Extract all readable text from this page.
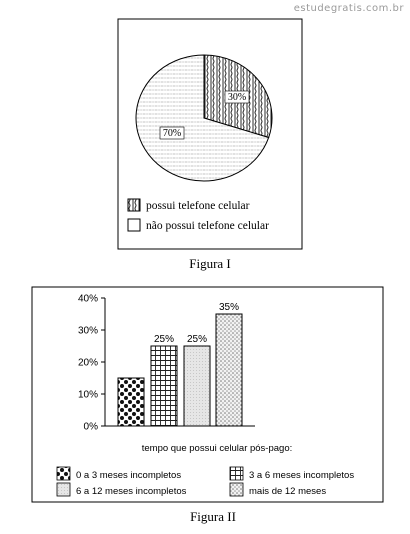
estudegratis.com.br
30%
70%
possui telefone celular
não possui telefone celular
Figura I
0%
10%
20%
30%
40%
25% 25%
35%
tempo que possui celular pós-pago:
0 a 3 meses incompletos	3 a 6 meses incompletos
6 a 12 meses incompletos	mais de 12 meses
Figura II
